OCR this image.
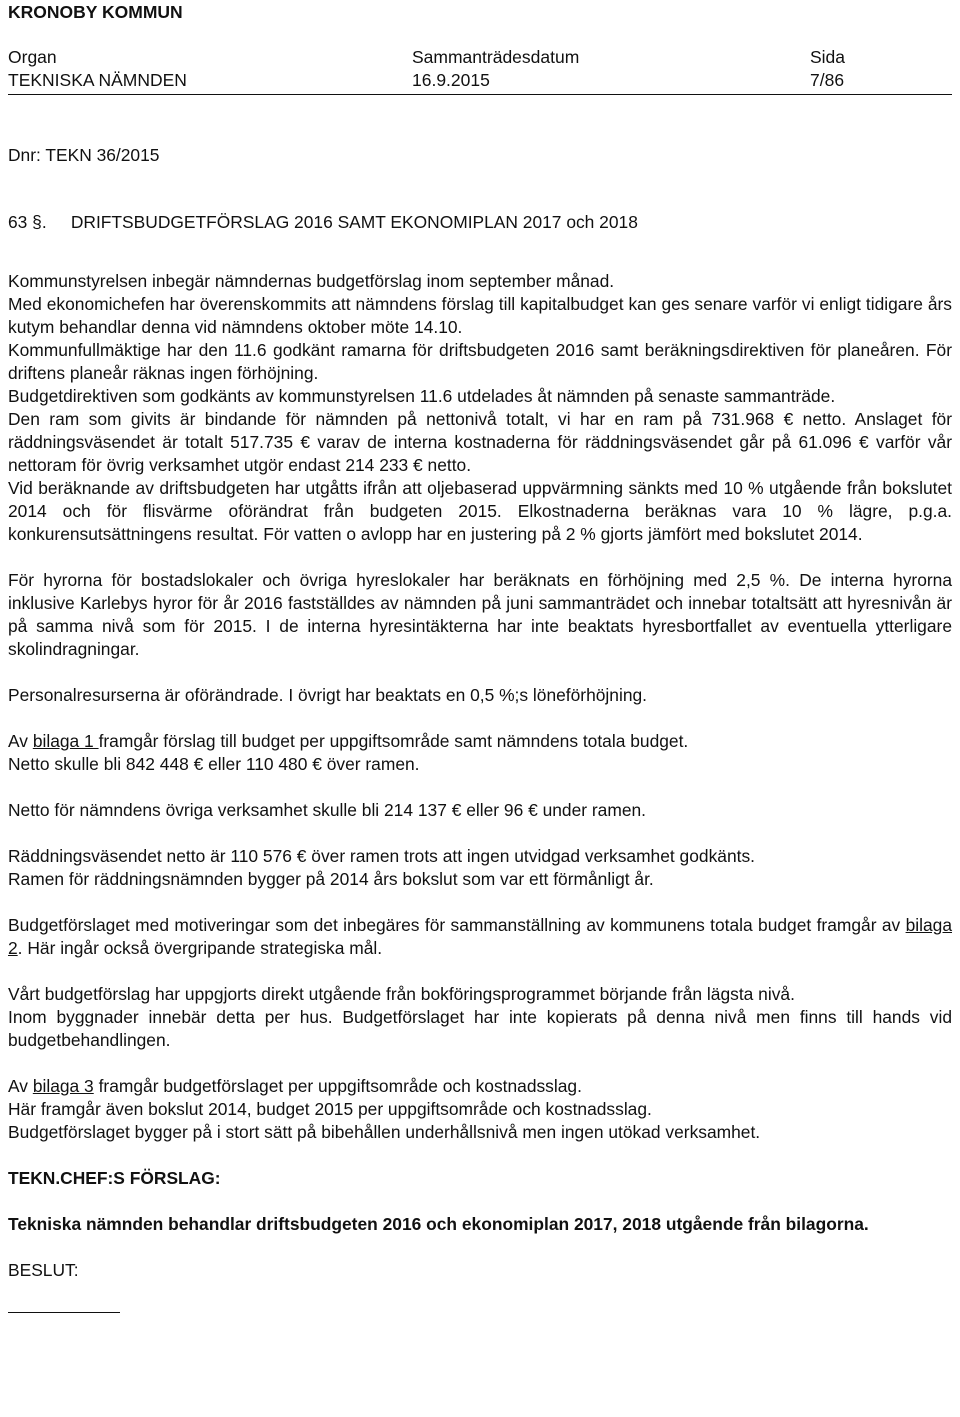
KRONOBY KOMMUN
Organ	Sammanträdesdatum	Sida
TEKNISKA NÄMNDEN	16.9.2015	7/86
Dnr: TEKN 36/2015
63 §. DRIFTSBUDGETFÖRSLAG 2016 SAMT EKONOMIPLAN 2017 och 2018

Kommunstyrelsen inbegär nämndernas budgetförslag inom september månad.

Med ekonomichefen har överenskommits att nämndens förslag till kapitalbudget kan ges senare varför vi enligt tidigare års kutym behandlar denna vid nämndens oktober möte 14.10.

Kommunfullmäktige har den 11.6 godkänt ramarna för driftsbudgeten 2016 samt beräkningsdirektiven för planeåren. För driftens planeår räknas ingen förhöjning.

Budgetdirektiven som godkänts av kommunstyrelsen 11.6 utdelades åt nämnden på senaste sammanträde.

Den ram som givits är bindande för nämnden på nettonivå totalt, vi har en ram på 731.968 € netto. Anslaget för räddningsväsendet är totalt 517.735 € varav de interna kostnaderna för räddningsväsendet går på 61.096 € varför vår nettoram för övrig verksamhet utgör endast 214 233 € netto.

Vid beräknande av driftsbudgeten har utgåtts ifrån att oljebaserad uppvärmning sänkts med 10 % utgående från bokslutet 2014 och för flisvärme oförändrat från budgeten 2015. Elkostnaderna beräknas vara 10 % lägre, p.g.a. konkurensutsättningens resultat. För vatten o avlopp har en justering på 2 % gjorts jämfört med bokslutet 2014.

För hyrorna för bostadslokaler och övriga hyreslokaler har beräknats en förhöjning med 2,5 %. De interna hyrorna inklusive Karlebys hyror för år 2016 fastställdes av nämnden på juni sammanträdet och innebar totaltsätt att hyresnivån är på samma nivå som för 2015. I de interna hyresintäkterna har inte beaktats hyresbortfallet av eventuella ytterligare skolindragningar.

Personalresurserna är oförändrade. I övrigt har beaktats en 0,5 %;s löneförhöjning.

Av bilaga 1 framgår förslag till budget per uppgiftsområde samt nämndens totala budget.

Netto skulle bli 842 448 € eller 110 480 € över ramen.

Netto för nämndens övriga verksamhet skulle bli 214 137 € eller 96 € under ramen.

Räddningsväsendet netto är 110 576 € över ramen trots att ingen utvidgad verksamhet godkänts.

Ramen för räddningsnämnden bygger på 2014 års bokslut som var ett förmånligt år.

Budgetförslaget med motiveringar som det inbegäres för sammanställning av kommunens totala budget framgår av bilaga 2. Här ingår också övergripande strategiska mål.

Vårt budgetförslag har uppgjorts direkt utgående från bokföringsprogrammet börjande från lägsta nivå.

Inom byggnader innebär detta per hus. Budgetförslaget har inte kopierats på denna nivå men finns till hands vid budgetbehandlingen.

Av bilaga 3 framgår budgetförslaget per uppgiftsområde och kostnadsslag.

Här framgår även bokslut 2014, budget 2015 per uppgiftsområde och kostnadsslag.

Budgetförslaget bygger på i stort sätt på bibehållen underhållsnivå men ingen utökad verksamhet.

TEKN.CHEF:S FÖRSLAG:

Tekniska nämnden behandlar driftsbudgeten 2016 och ekonomiplan 2017, 2018 utgående från bilagorna.

BESLUT:
